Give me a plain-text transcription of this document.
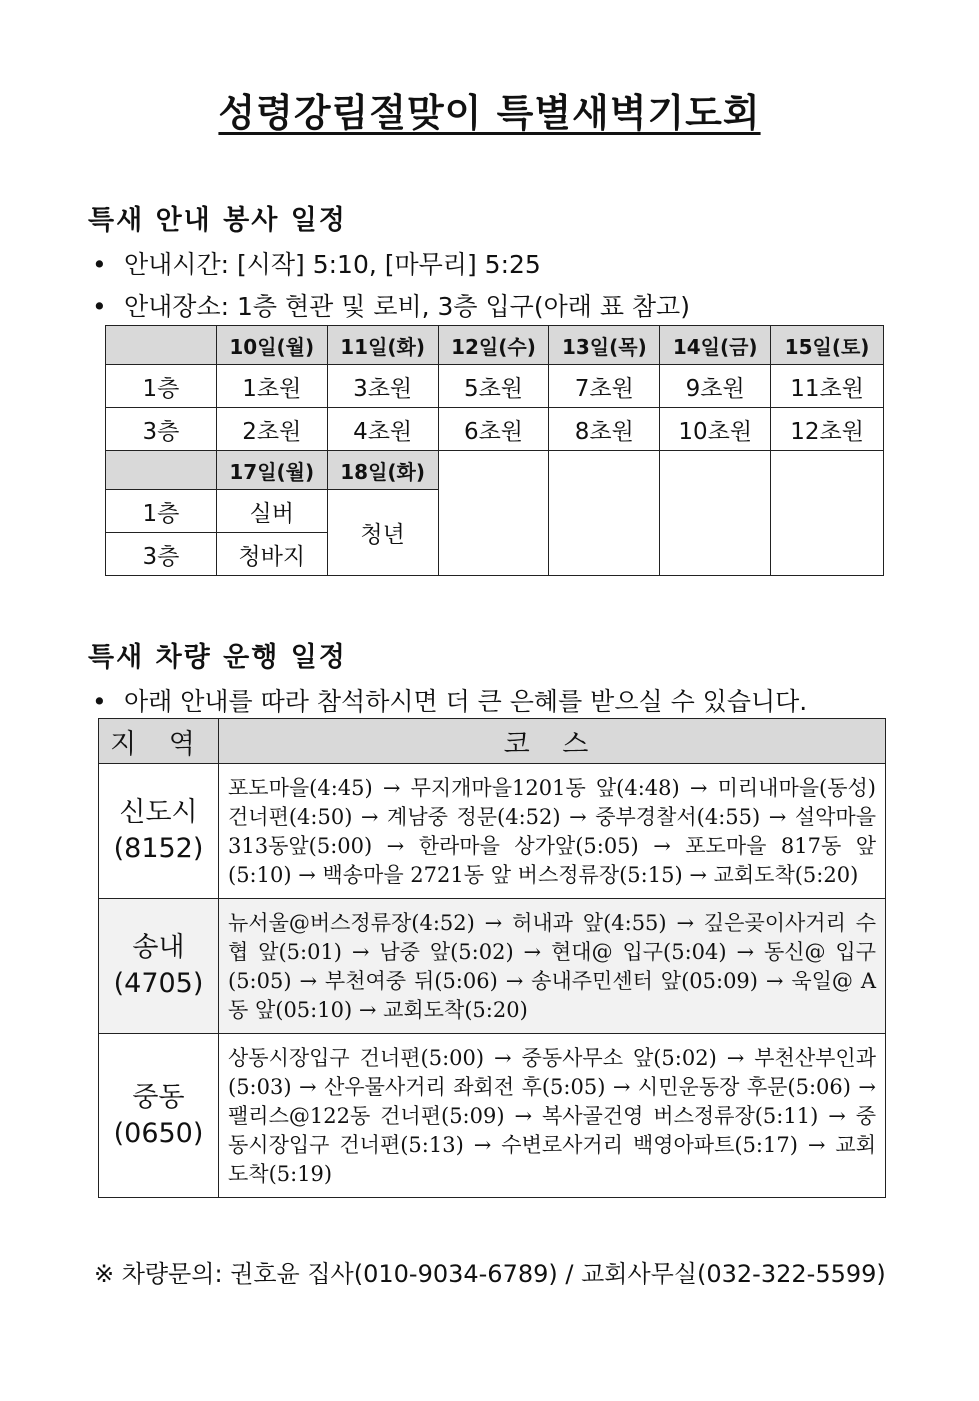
성령강림절맞이 특별새벽기도회
특새 안내 봉사 일정
• 안내시간: [시작] 5:10, [마무리] 5:25
• 안내장소: 1층 현관 및 로비, 3층 입구(아래 표 참고)
	10일(월)	11일(화)	12일(수)	13일(목)	14일(금)	15일(토)
1층	1초원	3초원	5초원	7초원	9초원	11초원
3층	2초원	4초원	6초원	8초원	10초원	12초원
	17일(월)	18일(화)				
1층	실버	청년				
3층	청바지					
특새 차량 운행 일정
• 아래 안내를 따라 참석하시면 더 큰 은혜를 받으실 수 있습니다.
지 역	코 스

신도시
(8152)	포도마을(4:45) → 무지개마을1201동 앞(4:48) → 미리내마을(동성) 건너편(4:50) → 계남중 정문(4:52) → 중부경찰서(4:55) → 설악마을313동앞(5:00) → 한라마을 상가앞(5:05) → 포도마을 817동 앞(5:10) → 백송마을 2721동 앞 버스정류장(5:15) → 교회도착(5:20)

송내
(4705)	뉴서울@버스정류장(4:52) → 허내과 앞(4:55) → 깊은곶이사거리 수협 앞(5:01) → 남중 앞(5:02) → 현대@ 입구(5:04) → 동신@ 입구(5:05) → 부천여중 뒤(5:06) → 송내주민센터 앞(05:09) → 욱일@ A동 앞(05:10) → 교회도착(5:20)

중동
(0650)	상동시장입구 건너편(5:00) → 중동사무소 앞(5:02) → 부천산부인과(5:03) → 산우물사거리 좌회전 후(5:05) → 시민운동장 후문(5:06) → 팰리스@122동 건너편(5:09) → 복사골건영 버스정류장(5:11) → 중동시장입구 건너편(5:13) → 수변로사거리 백영아파트(5:17) → 교회도착(5:19)
※ 차량문의: 권호윤 집사(010-9034-6789) / 교회사무실(032-322-5599)
